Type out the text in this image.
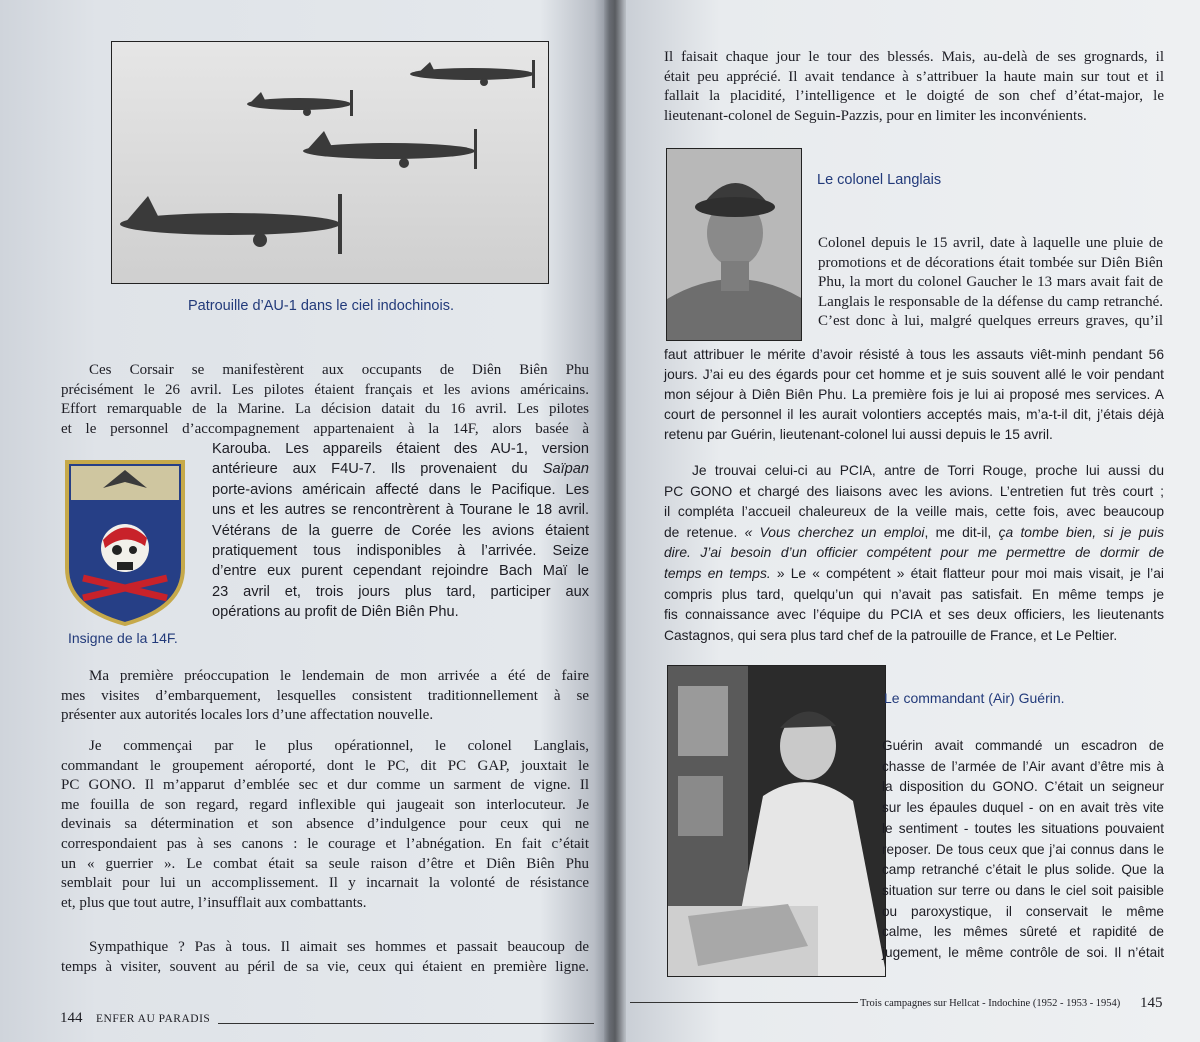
Patrouille d’AU-1 dans le ciel indochinois.
Ces Corsair se manifestèrent aux occupants de Diên Biên Phu
précisément le 26 avril. Les pilotes étaient français et les avions américains.
Effort remarquable de la Marine. La décision datait du 16 avril. Les pilotes
et le personnel d’accompagnement appartenaient à la 14F, alors basée à
Insigne de la 14F.
Karouba. Les appareils étaient des AU-1, version
antérieure aux F4U-7. Ils provenaient du Saïpan
porte-avions américain affecté dans le Pacifique. Les
uns et les autres se rencontrèrent à Tourane le 18 avril.
Vétérans de la guerre de Corée les avions étaient
pratiquement tous indisponibles à l’arrivée. Seize
d’entre eux purent cependant rejoindre Bach Maï le
23 avril et, trois jours plus tard, participer aux
opérations au profit de Diên Biên Phu.
Ma première préoccupation le lendemain de mon arrivée a été de faire
mes visites d’embarquement, lesquelles consistent traditionnellement à se
présenter aux autorités locales lors d’une affectation nouvelle.
Je commençai par le plus opérationnel, le colonel Langlais,
commandant le groupement aéroporté, dont le PC, dit PC GAP, jouxtait le
PC GONO. Il m’apparut d’emblée sec et dur comme un sarment de vigne. Il
me fouilla de son regard, regard inflexible qui jaugeait son interlocuteur. Je
devinais sa détermination et son absence d’indulgence pour ceux qui ne
correspondaient pas à ses canons : le courage et l’abnégation. En fait c’était
un « guerrier ». Le combat était sa seule raison d’être et Diên Biên Phu
semblait pour lui un accomplissement. Il y incarnait la volonté de résistance
et, plus que tout autre, l’insufflait aux combattants.
Sympathique ? Pas à tous. Il aimait ses hommes et passait beaucoup de
temps à visiter, souvent au péril de sa vie, ceux qui étaient en première ligne.
144 ENFER AU PARADIS
Il faisait chaque jour le tour des blessés. Mais, au-delà de ses grognards, il
était peu apprécié. Il avait tendance à s’attribuer la haute main sur tout et il
fallait la placidité, l’intelligence et le doigté de son chef d’état-major, le
lieutenant-colonel de Seguin-Pazzis, pour en limiter les inconvénients.
Le colonel Langlais
Colonel depuis le 15 avril, date à laquelle une pluie de
promotions et de décorations était tombée sur Diên Biên
Phu, la mort du colonel Gaucher le 13 mars avait fait de
Langlais le responsable de la défense du camp retranché.
C’est donc à lui, malgré quelques erreurs graves, qu’il
faut attribuer le mérite d’avoir résisté à tous les assauts viêt-minh pendant 56
jours. J’ai eu des égards pour cet homme et je suis souvent allé le voir pendant
mon séjour à Diên Biên Phu. La première fois je lui ai proposé mes services. A
court de personnel il les aurait volontiers acceptés mais, m’a-t-il dit, j’étais déjà
retenu par Guérin, lieutenant-colonel lui aussi depuis le 15 avril.
Je trouvai celui-ci au PCIA, antre de Torri Rouge, proche lui aussi du
PC GONO et chargé des liaisons avec les avions. L’entretien fut très court ;
il compléta l’accueil chaleureux de la veille mais, cette fois, avec beaucoup
de retenue. « Vous cherchez un emploi, me dit-il, ça tombe bien, si je puis
dire. J’ai besoin d’un officier compétent pour me permettre de dormir de
temps en temps. » Le « compétent » était flatteur pour moi mais visait, je l’ai
compris plus tard, quelqu’un qui n’avait pas satisfait. En même temps je
fis connaissance avec l’équipe du PCIA et ses deux officiers, les lieutenants
Castagnos, qui sera plus tard chef de la patrouille de France, et Le Peltier.
Le commandant (Air) Guérin.
Guérin avait commandé un escadron de
chasse de l’armée de l’Air avant d’être mis à
la disposition du GONO. C’était un seigneur
sur les épaules duquel - on en avait très vite
le sentiment - toutes les situations pouvaient
reposer. De tous ceux que j’ai connus dans le
camp retranché c’était le plus solide. Que la
situation sur terre ou dans le ciel soit paisible
ou paroxystique, il conservait le même
calme, les mêmes sûreté et rapidité de
jugement, le même contrôle de soi. Il n’était
Trois campagnes sur Hellcat - Indochine (1952 - 1953 - 1954) 145
